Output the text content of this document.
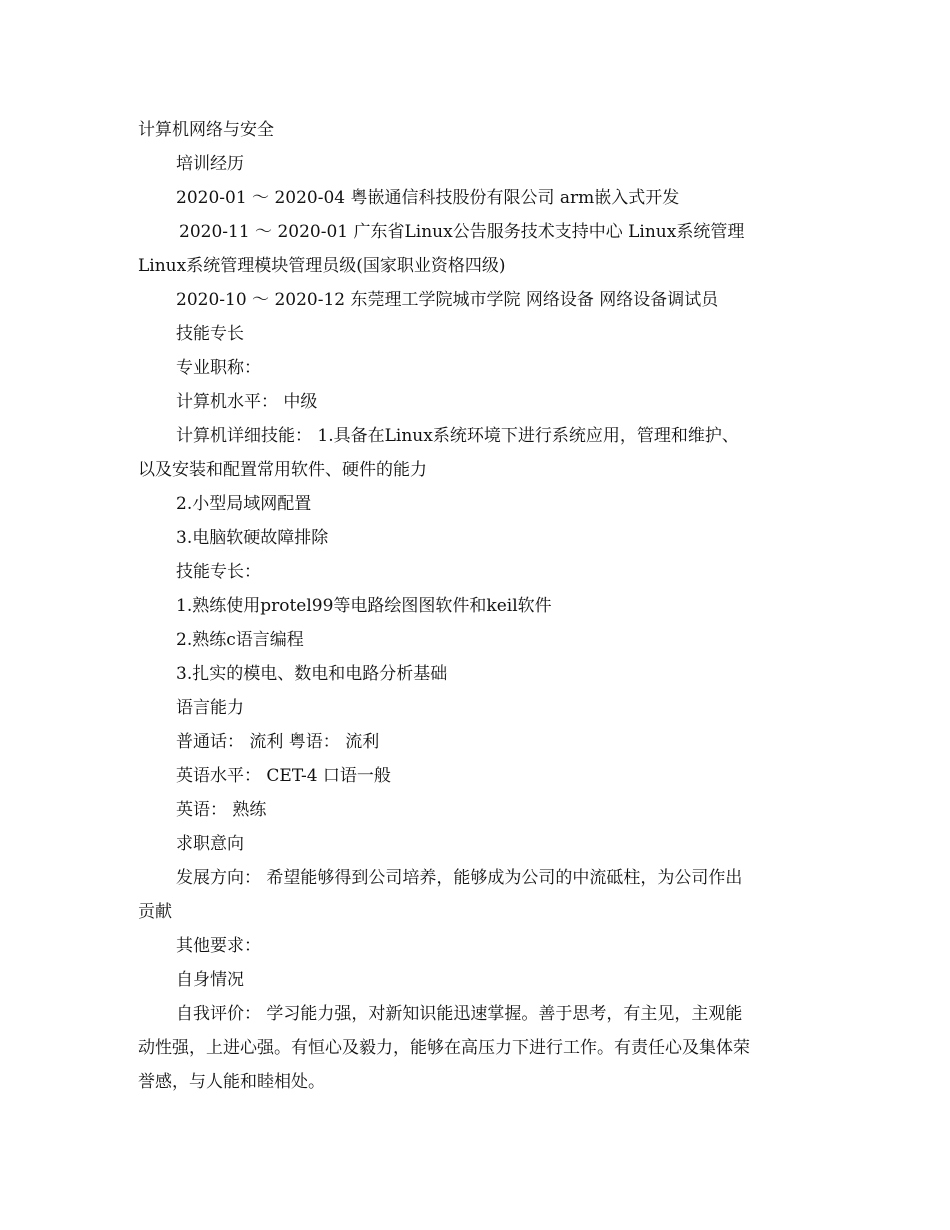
计算机网络与安全
培训经历
2020-01 ～ 2020-04 粤嵌通信科技股份有限公司 arm嵌入式开发
2020-11 ～ 2020-01 广东省Linux公告服务技术支持中心 Linux系统管理
Linux系统管理模块管理员级(国家职业资格四级)
2020-10 ～ 2020-12 东莞理工学院城市学院 网络设备 网络设备调试员
技能专长
专业职称：
计算机水平： 中级
计算机详细技能： 1.具备在Linux系统环境下进行系统应用，管理和维护、
以及安装和配置常用软件、硬件的能力
2.小型局域网配置
3.电脑软硬故障排除
技能专长：
1.熟练使用protel99等电路绘图图软件和keil软件
2.熟练c语言编程
3.扎实的模电、数电和电路分析基础
语言能力
普通话： 流利 粤语： 流利
英语水平： CET-4 口语一般
英语： 熟练
求职意向
发展方向： 希望能够得到公司培养，能够成为公司的中流砥柱，为公司作出
贡献
其他要求：
自身情况
自我评价： 学习能力强，对新知识能迅速掌握。善于思考，有主见，主观能
动性强，上进心强。有恒心及毅力，能够在高压力下进行工作。有责任心及集体荣
誉感，与人能和睦相处。
